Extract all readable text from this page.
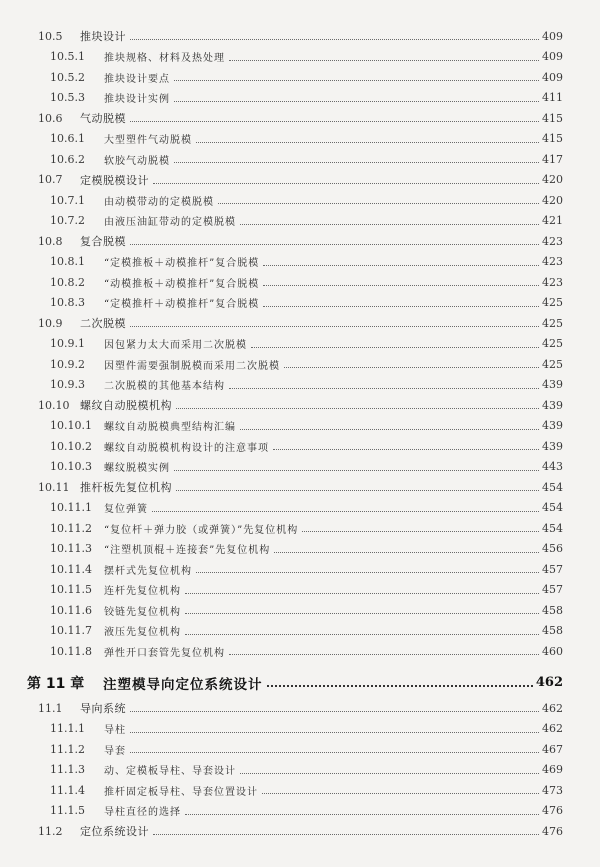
10.5	推块设计	409
10.5.1	推块规格、材料及热处理	409
10.5.2	推块设计要点	409
10.5.3	推块设计实例	411
10.6	气动脱模	415
10.6.1	大型塑件气动脱模	415
10.6.2	软胶气动脱模	417
10.7	定模脱模设计	420
10.7.1	由动模带动的定模脱模	420
10.7.2	由液压油缸带动的定模脱模	421
10.8	复合脱模	423
10.8.1	“定模推板＋动模推杆”复合脱模	423
10.8.2	“动模推板＋动模推杆”复合脱模	423
10.8.3	“定模推杆＋动模推杆”复合脱模	425
10.9	二次脱模	425
10.9.1	因包紧力太大而采用二次脱模	425
10.9.2	因塑件需要强制脱模而采用二次脱模	425
10.9.3	二次脱模的其他基本结构	439
10.10 螺纹自动脱模机构	439
10.10.1	螺纹自动脱模典型结构汇编	439
10.10.2	螺纹自动脱模机构设计的注意事项	439
10.10.3	螺纹脱模实例	443
10.11 推杆板先复位机构	454
10.11.1	复位弹簧	454
10.11.2	“复位杆＋弹力胶（或弹簧）”先复位机构	454
10.11.3	“注塑机顶棍＋连接套”先复位机构	456
10.11.4	摆杆式先复位机构	457
10.11.5	连杆先复位机构	457
10.11.6	铰链先复位机构	458
10.11.7	液压先复位机构	458
10.11.8	弹性开口套管先复位机构	460
第 11 章	注塑模导向定位系统设计	462
11.1	导向系统	462
11.1.1	导柱	462
11.1.2	导套	467
11.1.3	动、定模板导柱、导套设计	469
11.1.4	推杆固定板导柱、导套位置设计	473
11.1.5	导柱直径的选择	476
11.2	定位系统设计	476
